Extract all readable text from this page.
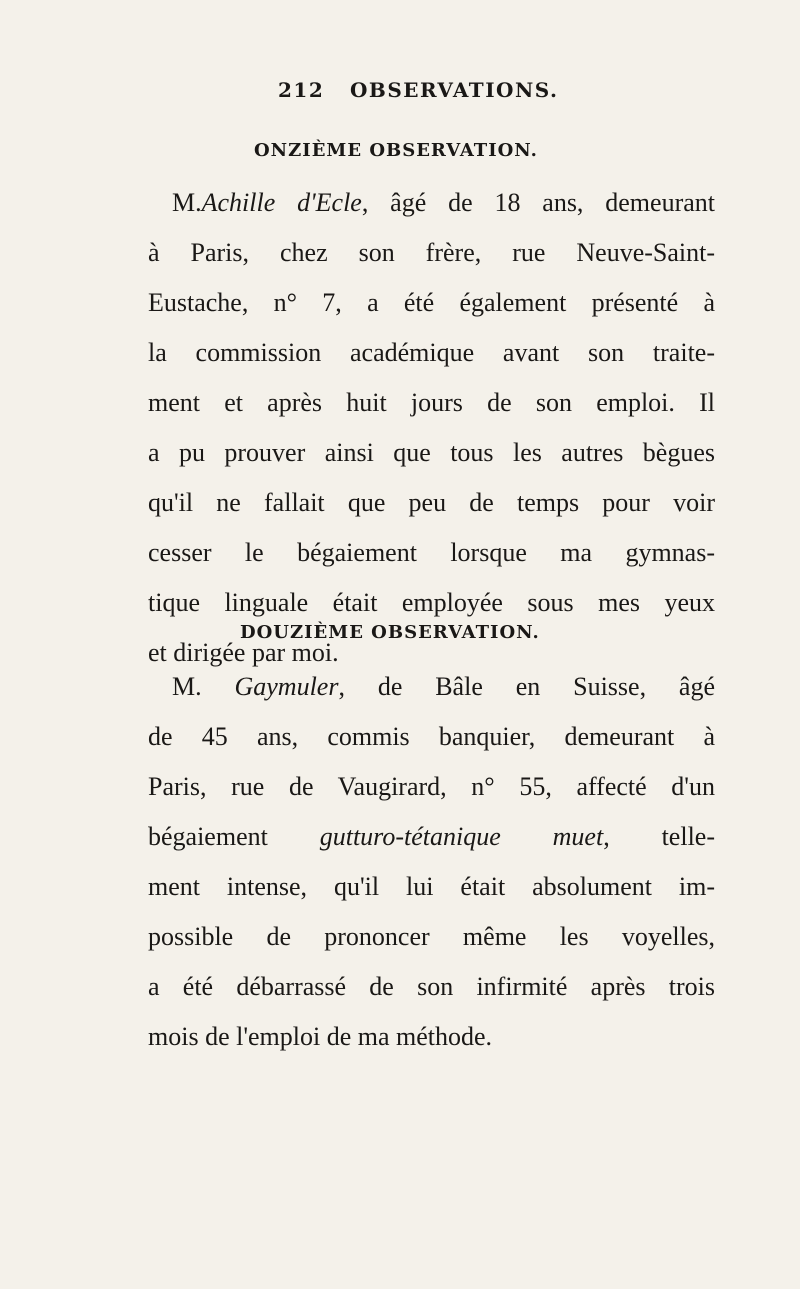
212 OBSERVATIONS.
ONZIÈME OBSERVATION.
M.Achille d'Ecle, âgé de 18 ans, demeurant
à Paris, chez son frère, rue Neuve-Saint-
Eustache, n° 7, a été également présenté à
la commission académique avant son traite-
ment et après huit jours de son emploi. Il
a pu prouver ainsi que tous les autres bègues
qu'il ne fallait que peu de temps pour voir
cesser le bégaiement lorsque ma gymnas-
tique linguale était employée sous mes yeux
et dirigée par moi.
DOUZIÈME OBSERVATION.
M. Gaymuler, de Bâle en Suisse, âgé
de 45 ans, commis banquier, demeurant à
Paris, rue de Vaugirard, n° 55, affecté d'un
bégaiement gutturo-tétanique muet, telle-
ment intense, qu'il lui était absolument im-
possible de prononcer même les voyelles,
a été débarrassé de son infirmité après trois
mois de l'emploi de ma méthode.
